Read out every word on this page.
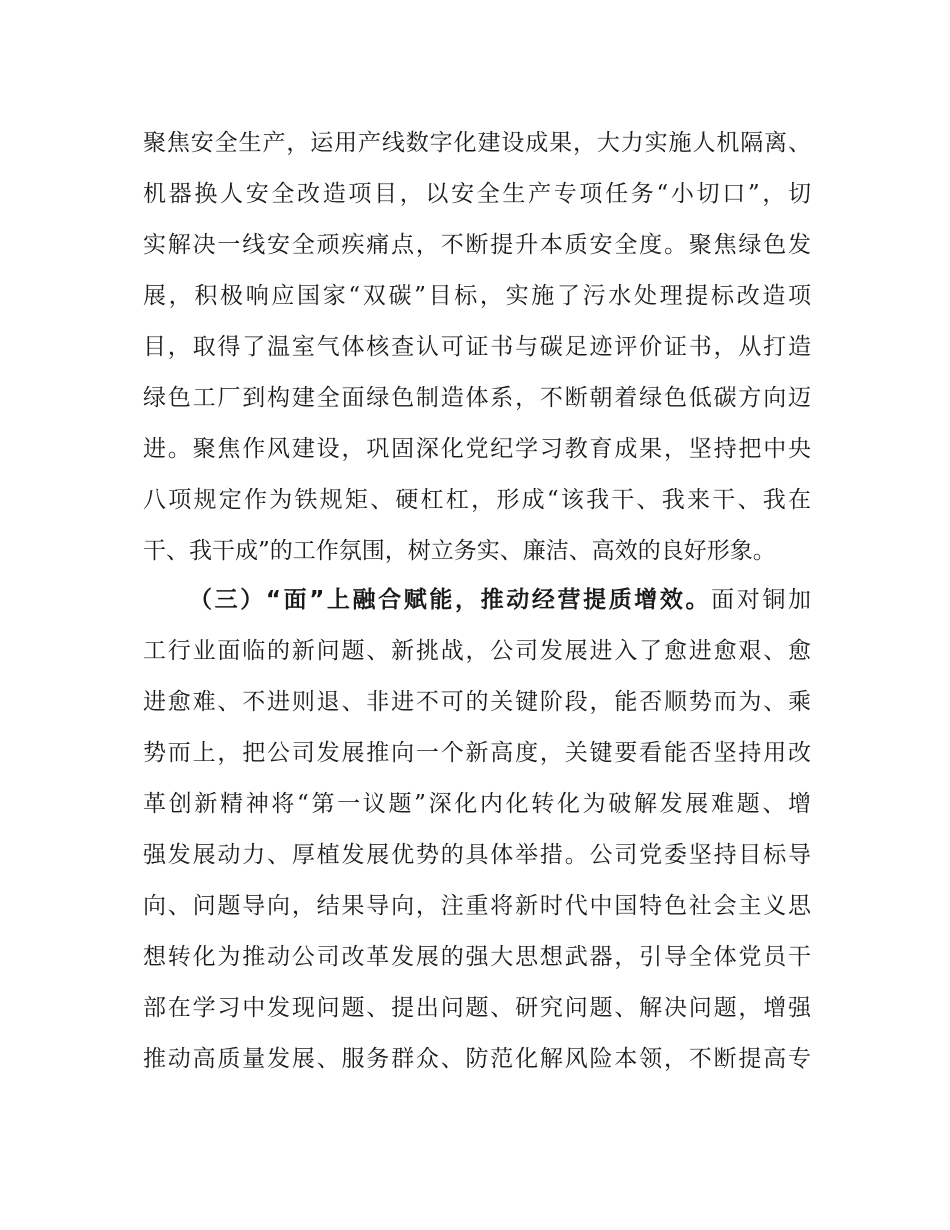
聚焦安全生产，运用产线数字化建设成果，大力实施人机隔离、
机器换人安全改造项目，以安全生产专项任务“小切口”，切
实解决一线安全顽疾痛点，不断提升本质安全度。聚焦绿色发
展，积极响应国家“双碳”目标，实施了污水处理提标改造项
目，取得了温室气体核查认可证书与碳足迹评价证书，从打造
绿色工厂到构建全面绿色制造体系，不断朝着绿色低碳方向迈
进。聚焦作风建设，巩固深化党纪学习教育成果，坚持把中央
八项规定作为铁规矩、硬杠杠，形成“该我干、我来干、我在
干、我干成”的工作氛围，树立务实、廉洁、高效的良好形象。
（三）“面”上融合赋能，推动经营提质增效。面对铜加
工行业面临的新问题、新挑战，公司发展进入了愈进愈艰、愈
进愈难、不进则退、非进不可的关键阶段，能否顺势而为、乘
势而上，把公司发展推向一个新高度，关键要看能否坚持用改
革创新精神将“第一议题”深化内化转化为破解发展难题、增
强发展动力、厚植发展优势的具体举措。公司党委坚持目标导
向、问题导向，结果导向，注重将新时代中国特色社会主义思
想转化为推动公司改革发展的强大思想武器，引导全体党员干
部在学习中发现问题、提出问题、研究问题、解决问题，增强
推动高质量发展、服务群众、防范化解风险本领，不断提高专
